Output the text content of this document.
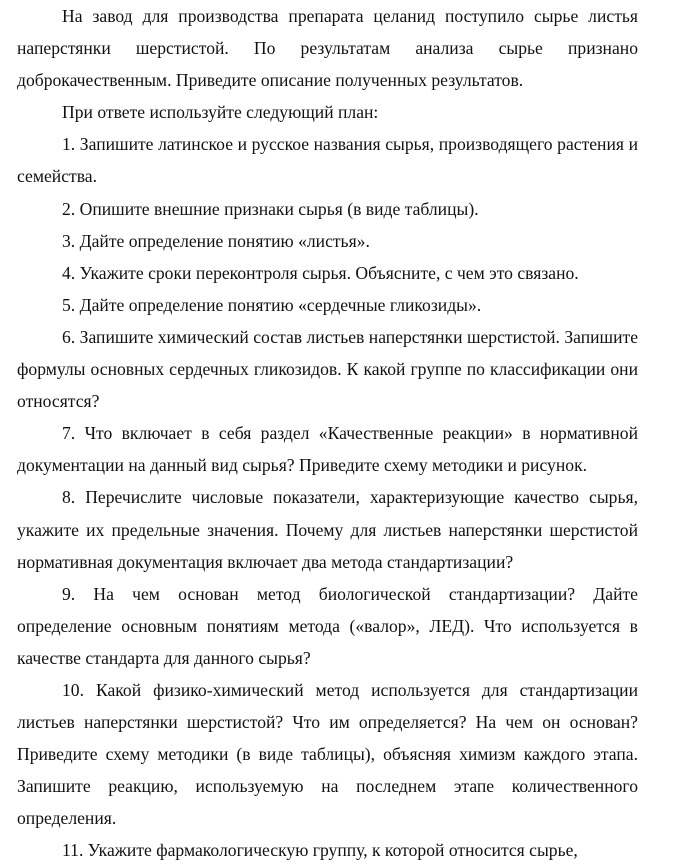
На завод для производства препарата целанид поступило сырье листья наперстянки шерстистой. По результатам анализа сырье признано доброкачественным. Приведите описание полученных результатов.

При ответе используйте следующий план:

1. Запишите латинское и русское названия сырья, производящего растения и семейства.
2. Опишите внешние признаки сырья (в виде таблицы).
3. Дайте определение понятию «листья».
4. Укажите сроки переконтроля сырья. Объясните, с чем это связано.
5. Дайте определение понятию «сердечные гликозиды».
6. Запишите химический состав листьев наперстянки шерстистой. Запишите формулы основных сердечных гликозидов. К какой группе по классификации они относятся?
7. Что включает в себя раздел «Качественные реакции» в нормативной документации на данный вид сырья? Приведите схему методики и рисунок.
8. Перечислите числовые показатели, характеризующие качество сырья, укажите их предельные значения. Почему для листьев наперстянки шерстистой нормативная документация включает два метода стандартизации?
9. На чем основан метод биологической стандартизации? Дайте определение основным понятиям метода («валор», ЛЕД). Что используется в качестве стандарта для данного сырья?
10. Какой физико-химический метод используется для стандартизации листьев наперстянки шерстистой? Что им определяется? На чем он основан? Приведите схему методики (в виде таблицы), объясняя химизм каждого этапа. Запишите реакцию, используемую на последнем этапе количественного определения.
11. Укажите фармакологическую группу, к которой относится сырье,
